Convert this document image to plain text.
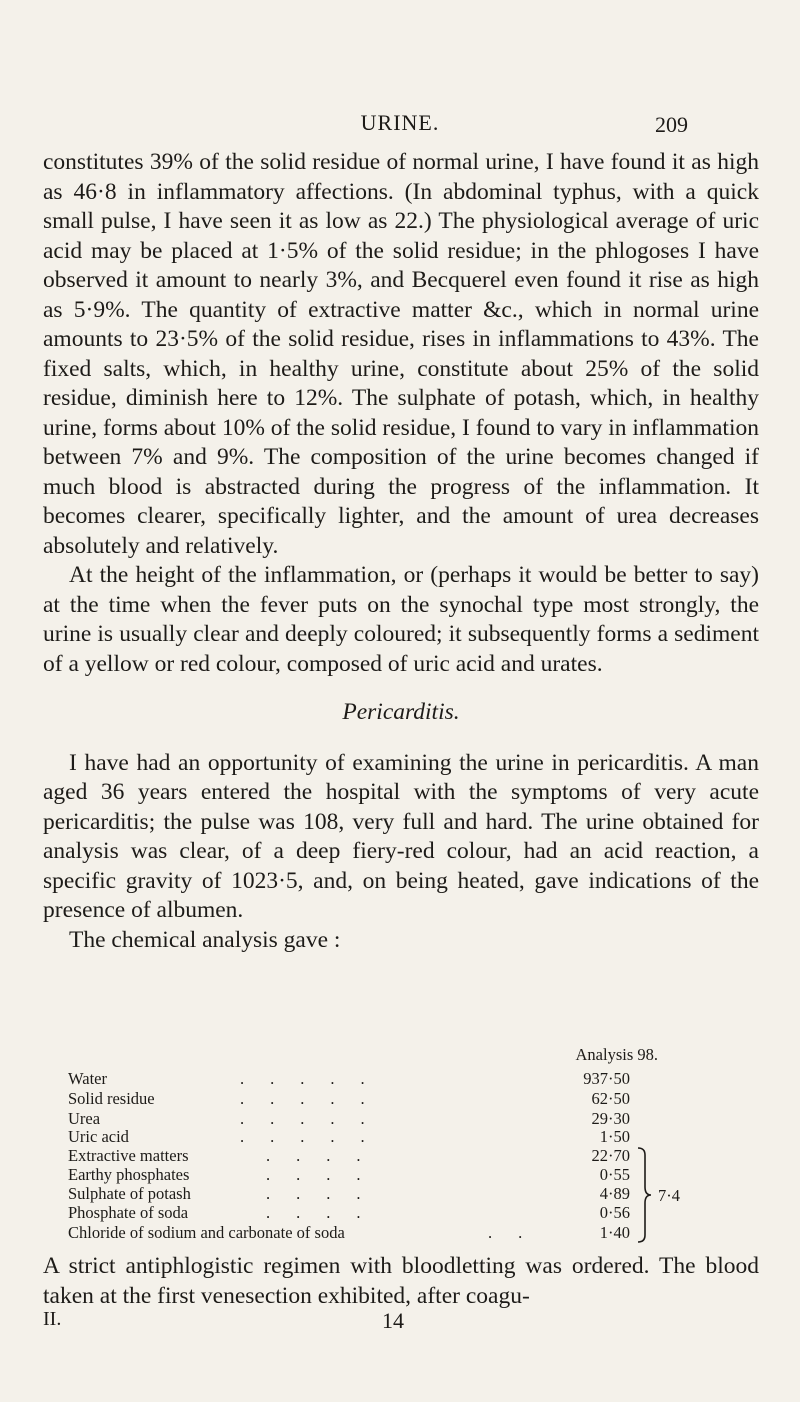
URINE.	209

constitutes 39% of the solid residue of normal urine, I have found it as high as 46·8 in inflammatory affections. (In abdominal typhus, with a quick small pulse, I have seen it as low as 22.) The physiological average of uric acid may be placed at 1·5% of the solid residue; in the phlogoses I have observed it amount to nearly 3%, and Becquerel even found it rise as high as 5·9%. The quantity of extractive matter &c., which in normal urine amounts to 23·5% of the solid residue, rises in inflammations to 43%. The fixed salts, which, in healthy urine, constitute about 25% of the solid residue, diminish here to 12%. The sulphate of potash, which, in healthy urine, forms about 10% of the solid residue, I found to vary in inflammation between 7% and 9%. The composition of the urine becomes changed if much blood is abstracted during the progress of the inflammation. It becomes clearer, specifically lighter, and the amount of urea decreases absolutely and relatively.

At the height of the inflammation, or (perhaps it would be better to say) at the time when the fever puts on the synochal type most strongly, the urine is usually clear and deeply coloured; it subsequently forms a sediment of a yellow or red colour, composed of uric acid and urates.

Pericarditis.

I have had an opportunity of examining the urine in pericarditis. A man aged 36 years entered the hospital with the symptoms of very acute pericarditis; the pulse was 108, very full and hard. The urine obtained for analysis was clear, of a deep fiery-red colour, had an acid reaction, a specific gravity of 1023·5, and, on being heated, gave indications of the presence of albumen.

The chemical analysis gave :

Analysis 98.
Water	.....	937·50
Solid residue	.....	62·50
Urea	.....	29·30
Uric acid	.....	1·50
Extractive matters	....	22·70
Earthy phosphates	....	0·55
Sulphate of potash	....	4·89
Phosphate of soda	....	0·56
Chloride of sodium and carbonate of soda	..	1·40
7·4
A strict antiphlogistic regimen with bloodletting was ordered. The blood taken at the first venesection exhibited, after coagu-
II.	14
